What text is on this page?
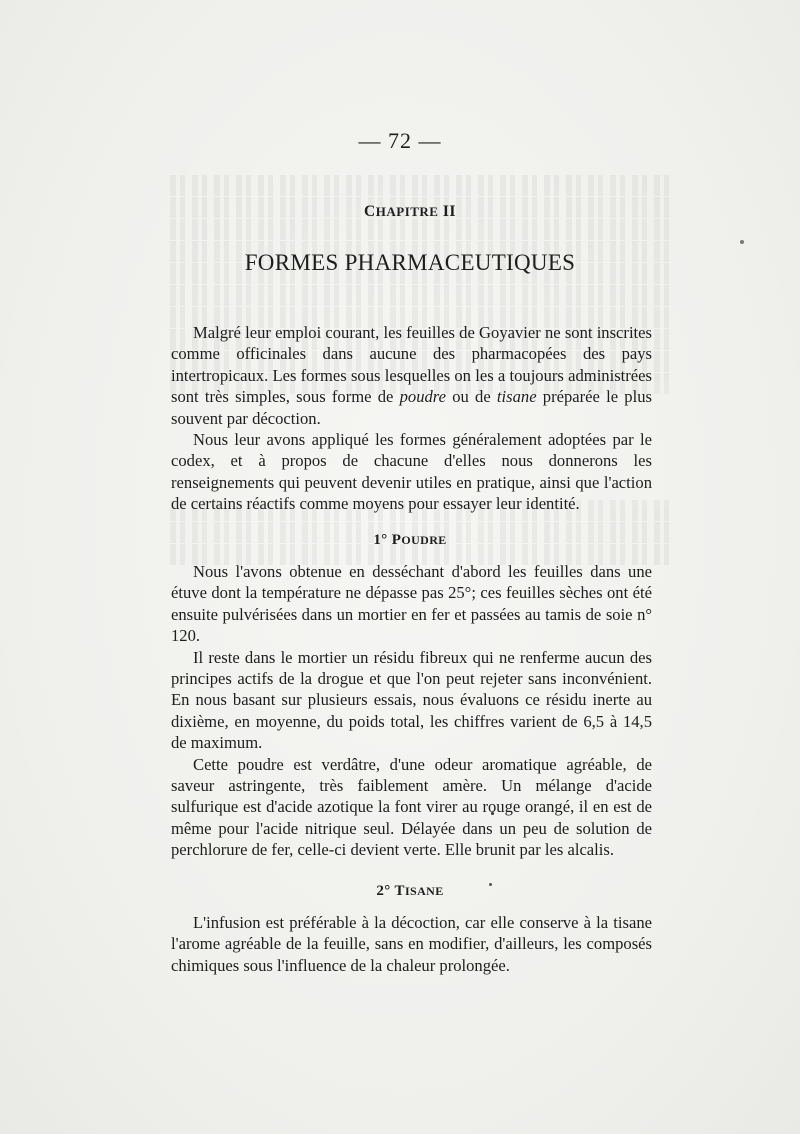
— 72 —
CHAPITRE II
FORMES PHARMACEUTIQUES

Malgré leur emploi courant, les feuilles de Goyavier ne sont inscrites comme officinales dans aucune des pharmacopées des pays intertropicaux. Les formes sous lesquelles on les a toujours administrées sont très simples, sous forme de poudre ou de tisane préparée le plus souvent par décoction.

Nous leur avons appliqué les formes généralement adoptées par le codex, et à propos de chacune d'elles nous donnerons les renseignements qui peuvent devenir utiles en pratique, ainsi que l'action de certains réactifs comme moyens pour essayer leur identité.

1° POUDRE

Nous l'avons obtenue en desséchant d'abord les feuilles dans une étuve dont la température ne dépasse pas 25°; ces feuilles sèches ont été ensuite pulvérisées dans un mortier en fer et passées au tamis de soie n° 120.

Il reste dans le mortier un résidu fibreux qui ne renferme aucun des principes actifs de la drogue et que l'on peut rejeter sans inconvénient. En nous basant sur plusieurs essais, nous évaluons ce résidu inerte au dixième, en moyenne, du poids total, les chiffres varient de 6,5 à 14,5 de maximum.

Cette poudre est verdâtre, d'une odeur aromatique agréable, de saveur astringente, très faiblement amère. Un mélange d'acide sulfurique est d'acide azotique la font virer au rouge orangé, il en est de même pour l'acide nitrique seul. Délayée dans un peu de solution de perchlorure de fer, celle-ci devient verte. Elle brunit par les alcalis.

2° TISANE

L'infusion est préférable à la décoction, car elle conserve à la tisane l'arome agréable de la feuille, sans en modifier, d'ailleurs, les composés chimiques sous l'influence de la chaleur prolongée.
